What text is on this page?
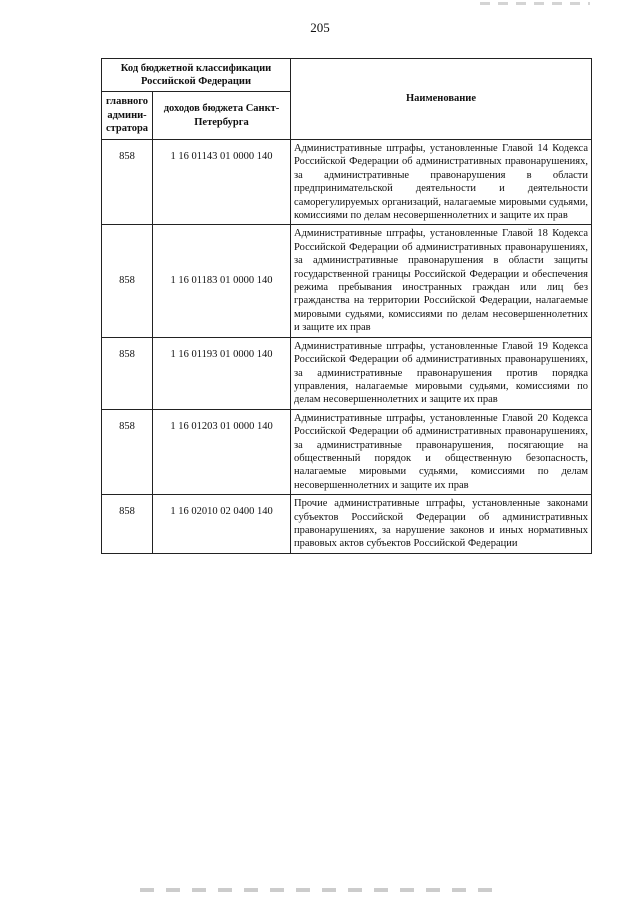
205
Код бюджетной классификации Российской Федерации		Наименование
главного админи-стратора	доходов бюджета Санкт-Петербурга	
858	1 16 01143 01 0000 140	Административные штрафы, установленные Главой 14 Кодекса Российской Федерации об административных правонарушениях, за административные правонарушения в области предпринимательской деятельности и деятельности саморегулируемых организаций, налагаемые мировыми судьями, комиссиями по делам несовершеннолетних и защите их прав
858	1 16 01183 01 0000 140	Административные штрафы, установленные Главой 18 Кодекса Российской Федерации об административных правонарушениях, за административные правонарушения в области защиты государственной границы Российской Федерации и обеспечения режима пребывания иностранных граждан или лиц без гражданства на территории Российской Федерации, налагаемые мировыми судьями, комиссиями по делам несовершеннолетних и защите их прав
858	1 16 01193 01 0000 140	Административные штрафы, установленные Главой 19 Кодекса Российской Федерации об административных правонарушениях, за административные правонарушения против порядка управления, налагаемые мировыми судьями, комиссиями по делам несовершеннолетних и защите их прав
858	1 16 01203 01 0000 140	Административные штрафы, установленные Главой 20 Кодекса Российской Федерации об административных правонарушениях, за административные правонарушения, посягающие на общественный порядок и общественную безопасность, налагаемые мировыми судьями, комиссиями по делам несовершеннолетних и защите их прав
858	1 16 02010 02 0400 140	Прочие административные штрафы, установленные законами субъектов Российской Федерации об административных правонарушениях, за нарушение законов и иных нормативных правовых актов субъектов Российской Федерации
